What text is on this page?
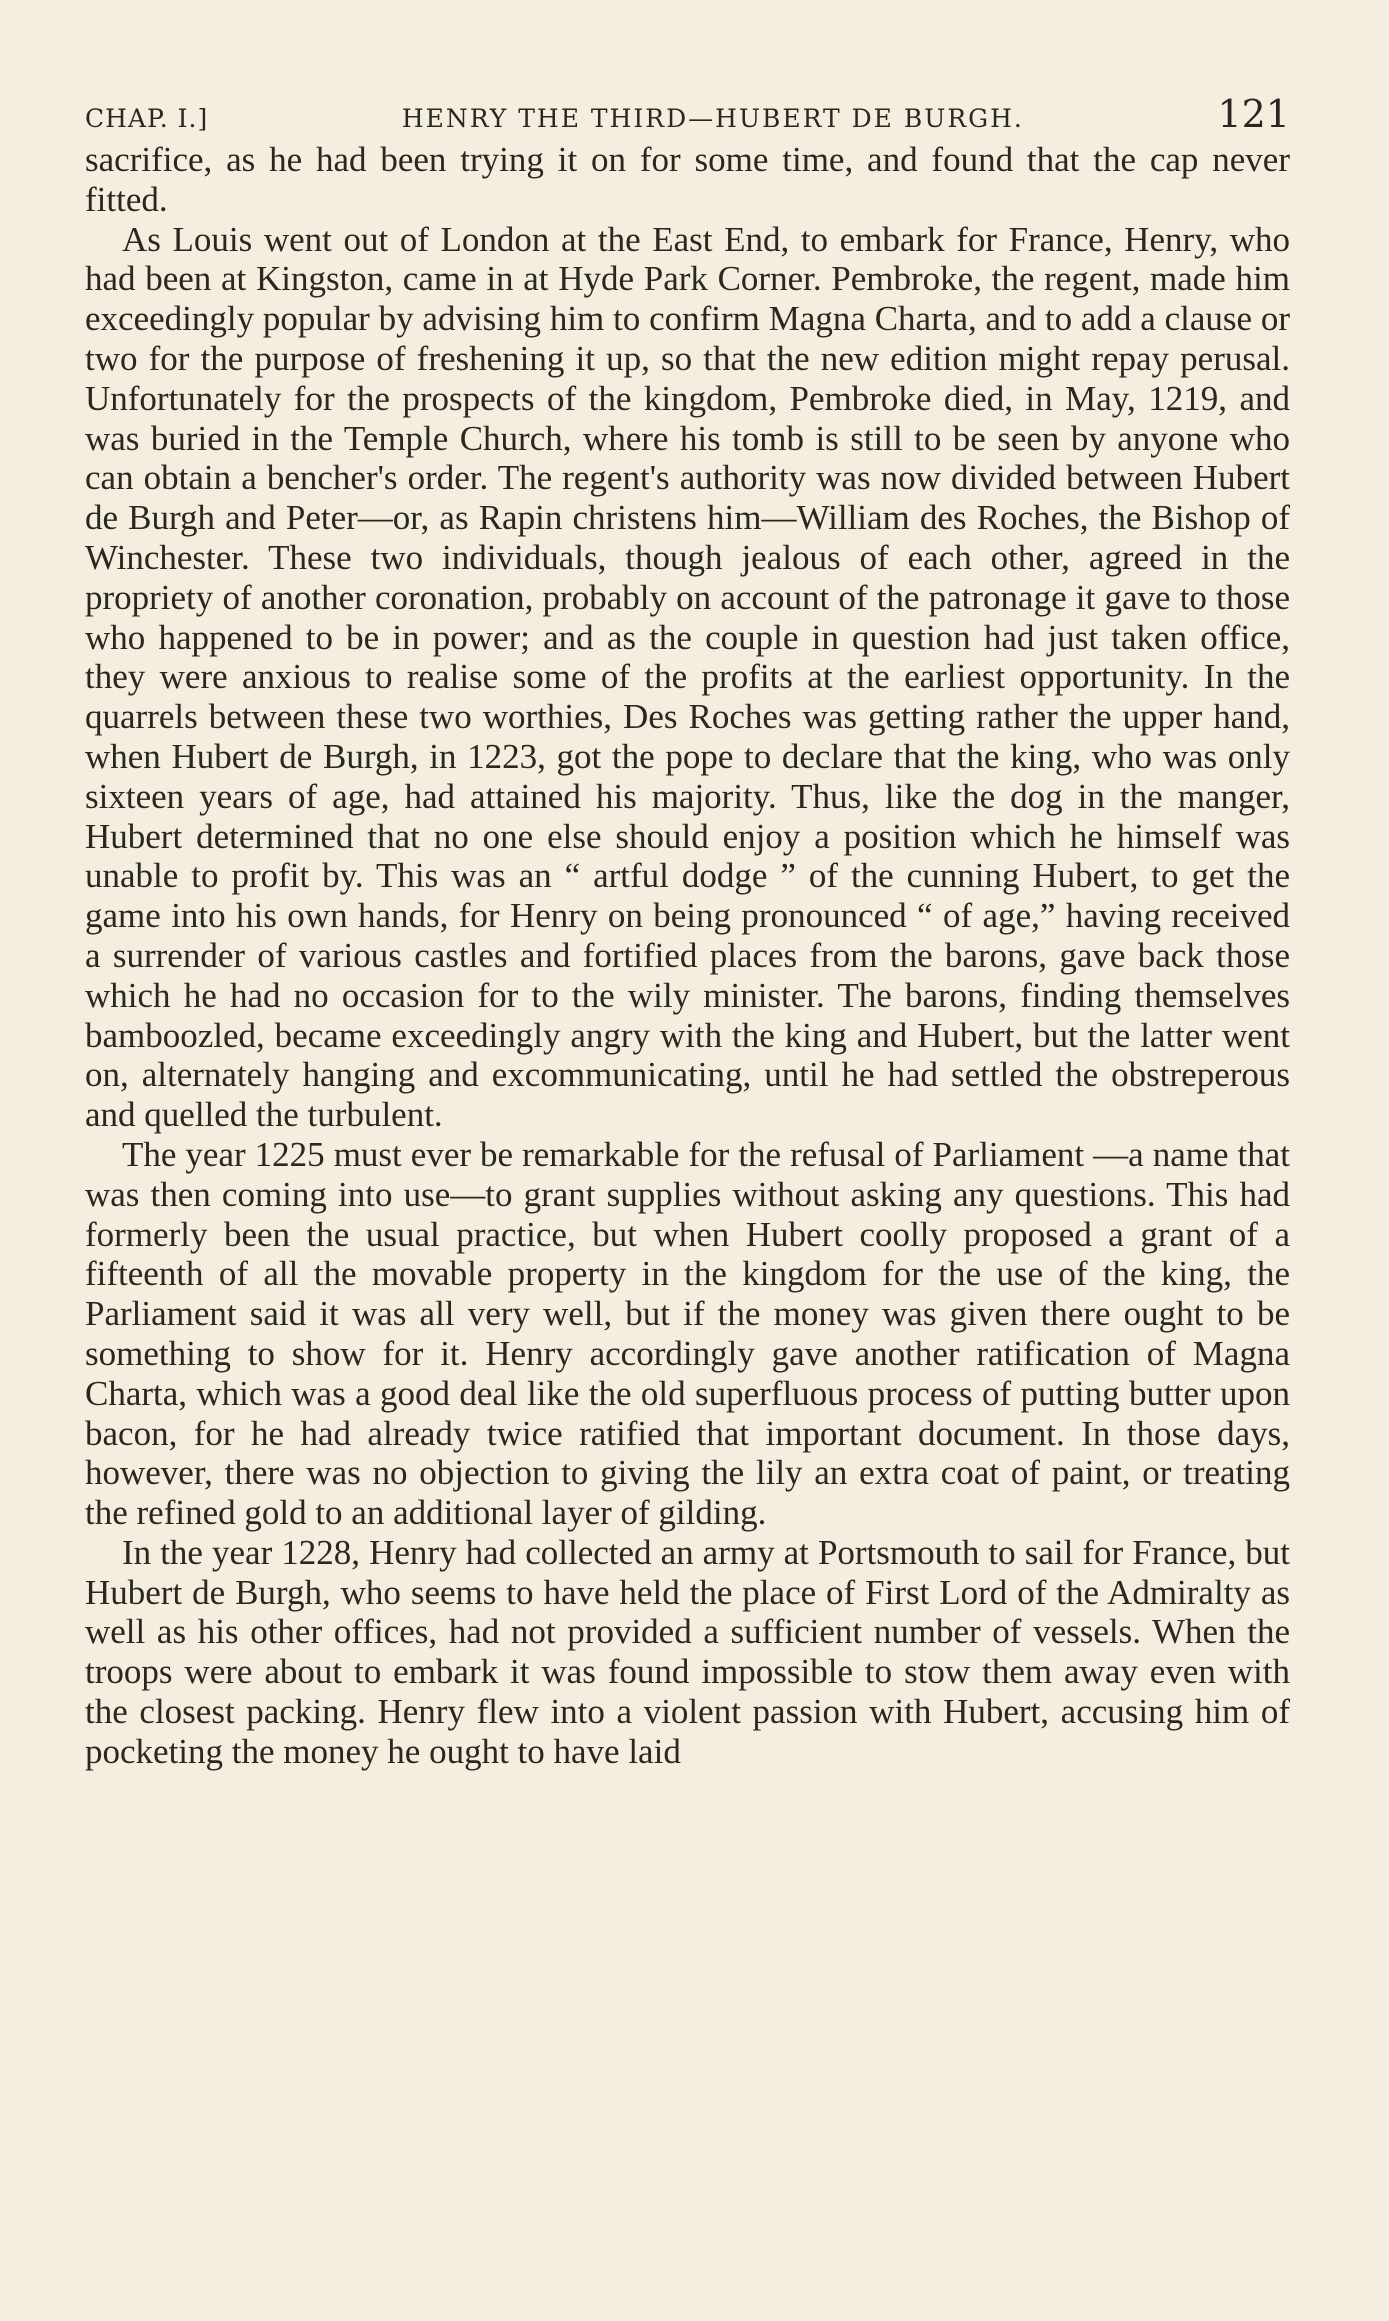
CHAP. I.]	HENRY THE THIRD—HUBERT DE BURGH.	121

sacrifice, as he had been trying it on for some time, and found that the cap never fitted.

As Louis went out of London at the East End, to embark for France, Henry, who had been at Kingston, came in at Hyde Park Corner. Pembroke, the regent, made him exceedingly popular by advising him to confirm Magna Charta, and to add a clause or two for the purpose of freshening it up, so that the new edition might repay perusal. Unfortunately for the prospects of the kingdom, Pembroke died, in May, 1219, and was buried in the Temple Church, where his tomb is still to be seen by anyone who can obtain a bencher's order. The regent's authority was now divided between Hubert de Burgh and Peter—or, as Rapin christens him—William des Roches, the Bishop of Winchester. These two individuals, though jealous of each other, agreed in the propriety of another coronation, probably on account of the patronage it gave to those who happened to be in power; and as the couple in question had just taken office, they were anxious to realise some of the profits at the earliest opportunity. In the quarrels between these two worthies, Des Roches was getting rather the upper hand, when Hubert de Burgh, in 1223, got the pope to declare that the king, who was only sixteen years of age, had attained his majority. Thus, like the dog in the manger, Hubert determined that no one else should enjoy a position which he himself was unable to profit by. This was an “ artful dodge ” of the cunning Hubert, to get the game into his own hands, for Henry on being pronounced “ of age,” having received a surrender of various castles and fortified places from the barons, gave back those which he had no occasion for to the wily minister. The barons, finding themselves bamboozled, became exceedingly angry with the king and Hubert, but the latter went on, alternately hanging and excommunicating, until he had settled the obstreperous and quelled the turbulent.

The year 1225 must ever be remarkable for the refusal of Parliament —a name that was then coming into use—to grant supplies without asking any questions. This had formerly been the usual practice, but when Hubert coolly proposed a grant of a fifteenth of all the movable property in the kingdom for the use of the king, the Parliament said it was all very well, but if the money was given there ought to be something to show for it. Henry accordingly gave another ratification of Magna Charta, which was a good deal like the old superfluous process of putting butter upon bacon, for he had already twice ratified that important document. In those days, however, there was no objection to giving the lily an extra coat of paint, or treating the refined gold to an additional layer of gilding.

In the year 1228, Henry had collected an army at Portsmouth to sail for France, but Hubert de Burgh, who seems to have held the place of First Lord of the Admiralty as well as his other offices, had not provided a sufficient number of vessels. When the troops were about to embark it was found impossible to stow them away even with the closest packing. Henry flew into a violent passion with Hubert, accusing him of pocketing the money he ought to have laid
